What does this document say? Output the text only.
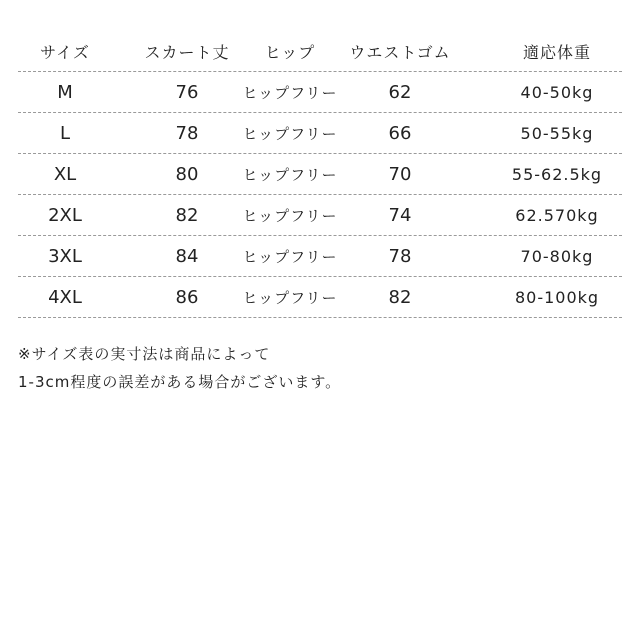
サイズ	スカート丈	ヒップ	ウエストゴム	適応体重
M	76	ヒップフリー	62	40-50kg
L	78	ヒップフリー	66	50-55kg
XL	80	ヒップフリー	70	55-62.5kg
2XL	82	ヒップフリー	74	62.570kg
3XL	84	ヒップフリー	78	70-80kg
4XL	86	ヒップフリー	82	80-100kg
※サイズ表の実寸法は商品によって
1-3cm程度の誤差がある場合がございます。
